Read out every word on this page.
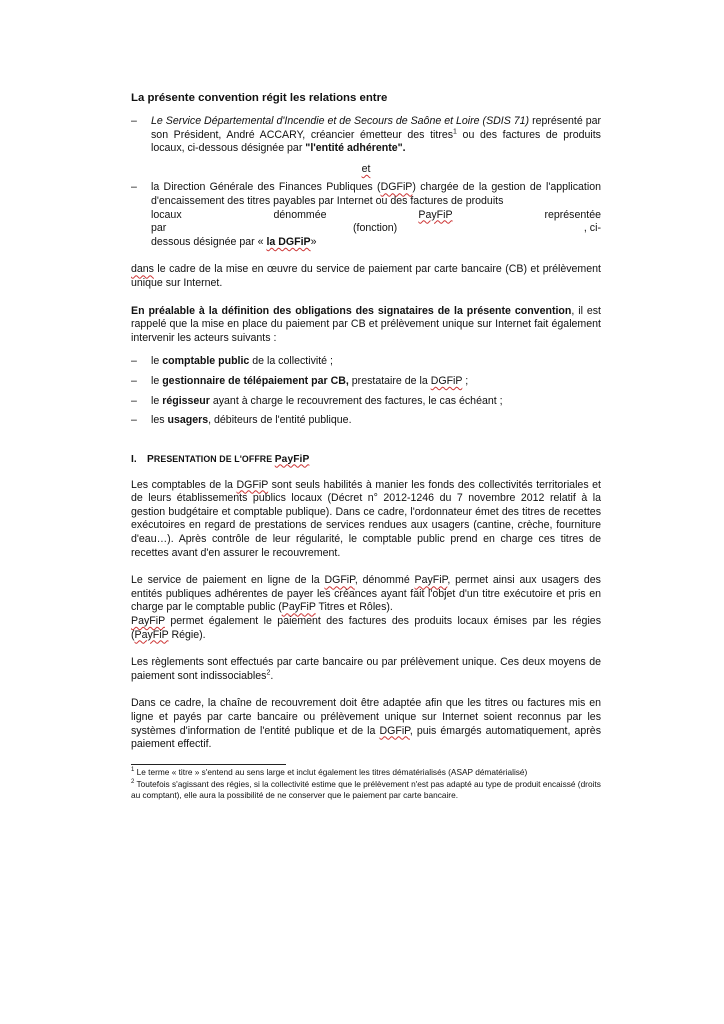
La présente convention régit les relations entre

– Le Service Départemental d'Incendie et de Secours de Saône et Loire (SDIS 71) représenté par son Président, André ACCARY, créancier émetteur des titres$^1$ ou des factures de produits locaux, ci-dessous désignée par "l'entité adhérente".

et

– la Direction Générale des Finances Publiques (DGFiP) chargée de la gestion de l'application d'encaissement des titres payables par Internet ou des factures de produits
locaux	dénommée	PayFiP	représentée
par	(fonction)	, ci-
dessous désignée par « la DGFiP»

dans le cadre de la mise en œuvre du service de paiement par carte bancaire (CB) et prélèvement unique sur Internet.

En préalable à la définition des obligations des signataires de la présente convention, il est rappelé que la mise en place du paiement par CB et prélèvement unique sur Internet fait également intervenir les acteurs suivants :

– le comptable public de la collectivité ;
– le gestionnaire de télépaiement par CB, prestataire de la DGFiP ;
– le régisseur ayant à charge le recouvrement des factures, le cas échéant ;
– les usagers, débiteurs de l'entité publique.

I. PRESENTATION DE L'OFFRE PayFiP

Les comptables de la DGFiP sont seuls habilités à manier les fonds des collectivités territoriales et de leurs établissements publics locaux (Décret n° 2012-1246 du 7 novembre 2012 relatif à la gestion budgétaire et comptable publique). Dans ce cadre, l'ordonnateur émet des titres de recettes exécutoires en regard de prestations de services rendues aux usagers (cantine, crèche, fourniture d'eau…). Après contrôle de leur régularité, le comptable public prend en charge ces titres de recettes avant d'en assurer le recouvrement.

Le service de paiement en ligne de la DGFiP, dénommé PayFiP, permet ainsi aux usagers des entités publiques adhérentes de payer les créances ayant fait l'objet d'un titre exécutoire et pris en charge par le comptable public (PayFiP Titres et Rôles).
PayFiP permet également le paiement des factures des produits locaux émises par les régies (PayFiP Régie).

Les règlements sont effectués par carte bancaire ou par prélèvement unique. Ces deux moyens de paiement sont indissociables$^2$.

Dans ce cadre, la chaîne de recouvrement doit être adaptée afin que les titres ou factures mis en ligne et payés par carte bancaire ou prélèvement unique sur Internet soient reconnus par les systèmes d'information de l'entité publique et de la DGFiP, puis émargés automatiquement, après paiement effectif.

$^1$ Le terme « titre » s'entend au sens large et inclut également les titres dématérialisés (ASAP dématérialisé)

$^2$ Toutefois s'agissant des régies, si la collectivité estime que le prélèvement n'est pas adapté au type de produit encaissé (droits au comptant), elle aura la possibilité de ne conserver que le paiement par carte bancaire.
